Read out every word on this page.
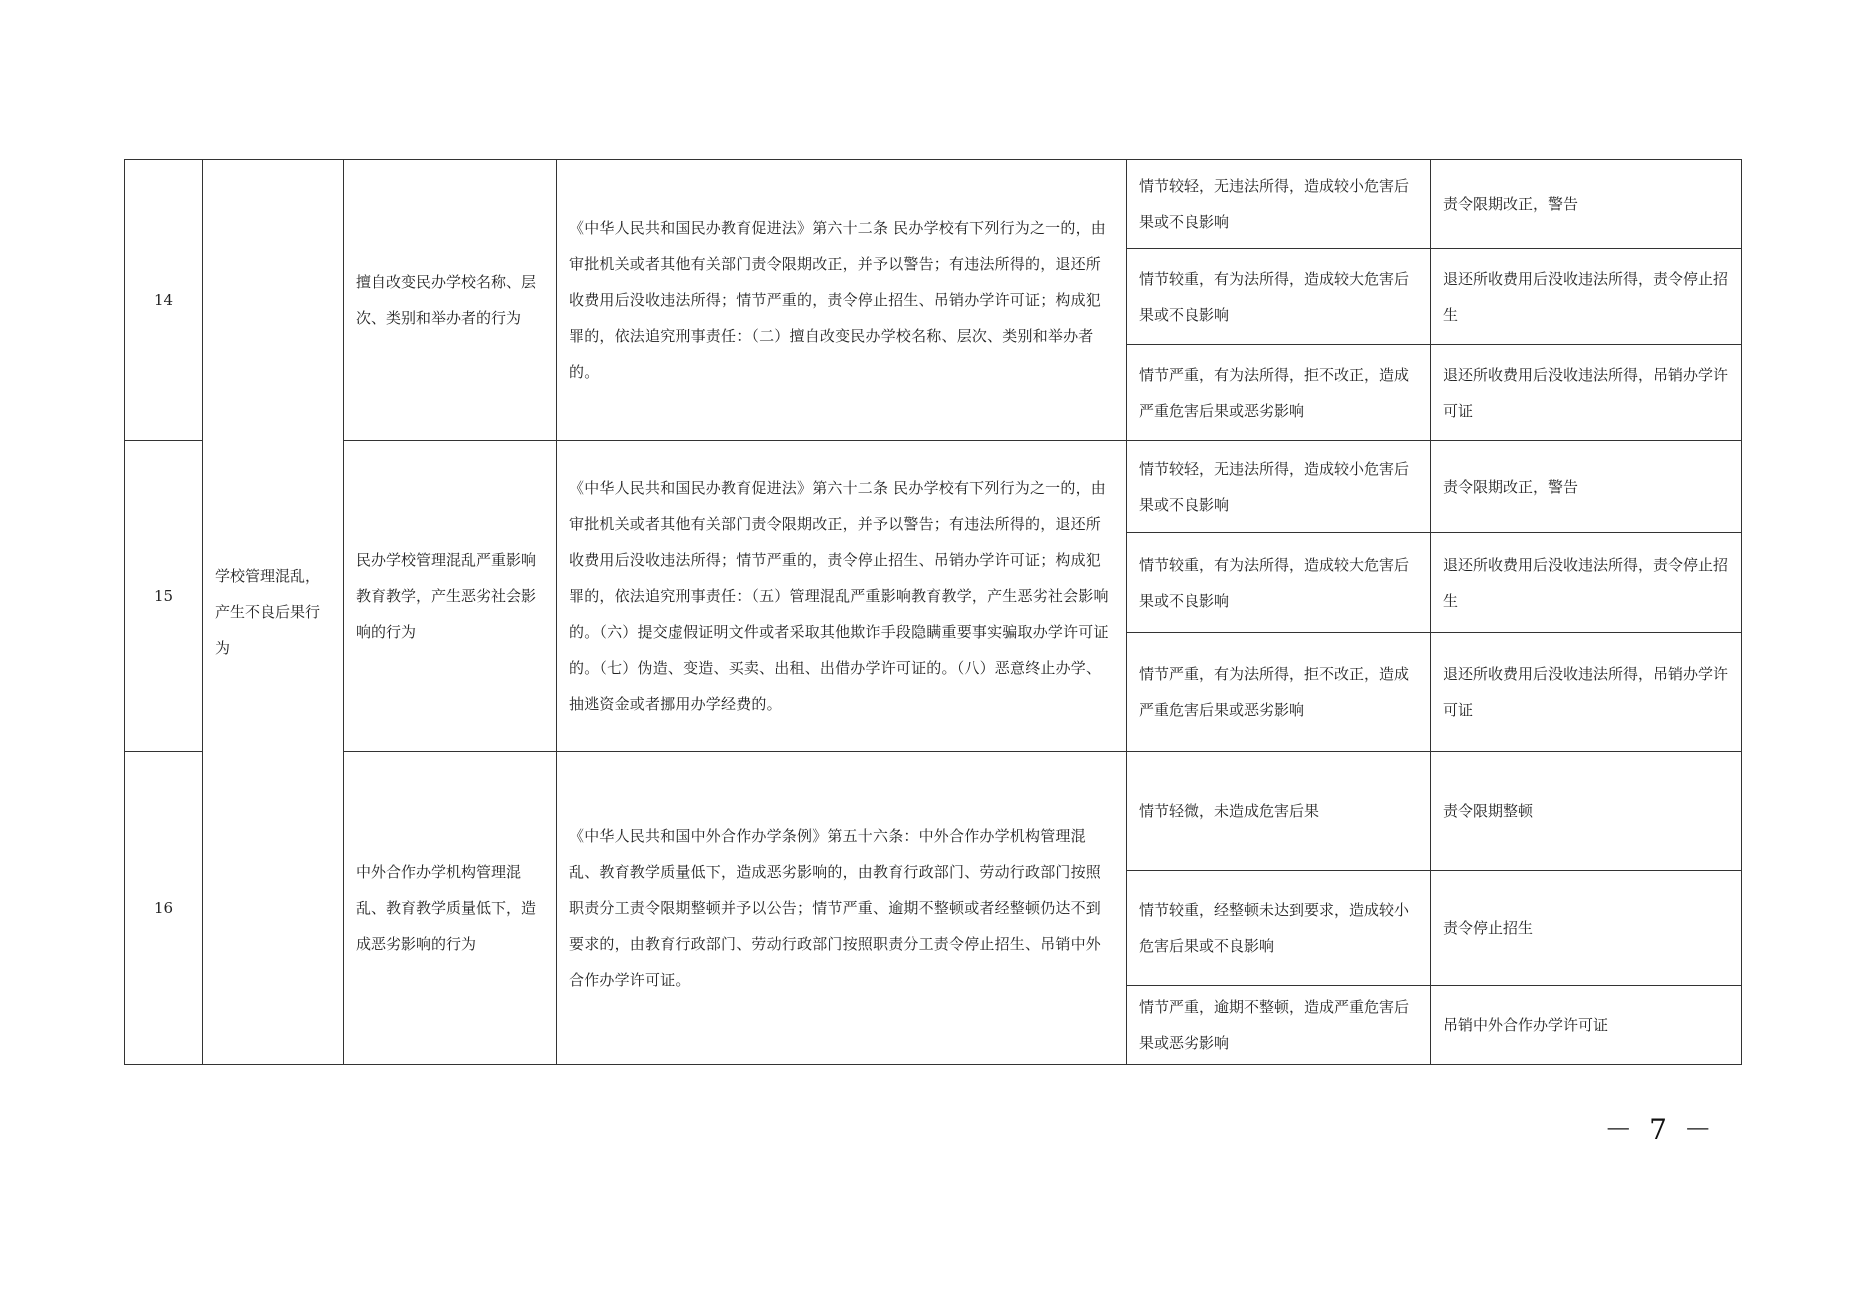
14	学校管理混乱，产生不良后果行为	擅自改变民办学校名称、层次、类别和举办者的行为	《中华人民共和国民办教育促进法》第六十二条 民办学校有下列行为之一的，由审批机关或者其他有关部门责令限期改正，并予以警告；有违法所得的，退还所收费用后没收违法所得；情节严重的，责令停止招生、吊销办学许可证；构成犯罪的，依法追究刑事责任：（二）擅自改变民办学校名称、层次、类别和举办者的。	情节较轻，无违法所得，造成较小危害后果或不良影响	责令限期改正，警告
				情节较重，有为法所得，造成较大危害后果或不良影响	退还所收费用后没收违法所得，责令停止招生
				情节严重，有为法所得，拒不改正，造成严重危害后果或恶劣影响	退还所收费用后没收违法所得，吊销办学许可证
15		民办学校管理混乱严重影响教育教学，产生恶劣社会影响的行为	《中华人民共和国民办教育促进法》第六十二条 民办学校有下列行为之一的，由审批机关或者其他有关部门责令限期改正，并予以警告；有违法所得的，退还所收费用后没收违法所得；情节严重的，责令停止招生、吊销办学许可证；构成犯罪的，依法追究刑事责任：（五）管理混乱严重影响教育教学，产生恶劣社会影响的。（六）提交虚假证明文件或者采取其他欺诈手段隐瞒重要事实骗取办学许可证的。（七）伪造、变造、买卖、出租、出借办学许可证的。（八）恶意终止办学、抽逃资金或者挪用办学经费的。	情节较轻，无违法所得，造成较小危害后果或不良影响	责令限期改正，警告
				情节较重，有为法所得，造成较大危害后果或不良影响	退还所收费用后没收违法所得，责令停止招生
				情节严重，有为法所得，拒不改正，造成严重危害后果或恶劣影响	退还所收费用后没收违法所得，吊销办学许可证
16		中外合作办学机构管理混乱、教育教学质量低下，造成恶劣影响的行为	《中华人民共和国中外合作办学条例》第五十六条：中外合作办学机构管理混乱、教育教学质量低下，造成恶劣影响的，由教育行政部门、劳动行政部门按照职责分工责令限期整顿并予以公告；情节严重、逾期不整顿或者经整顿仍达不到要求的，由教育行政部门、劳动行政部门按照职责分工责令停止招生、吊销中外合作办学许可证。	情节轻微，未造成危害后果	责令限期整顿
				情节较重，经整顿未达到要求，造成较小危害后果或不良影响	责令停止招生
				情节严重，逾期不整顿，造成严重危害后果或恶劣影响	吊销中外合作办学许可证
－ 7 －
